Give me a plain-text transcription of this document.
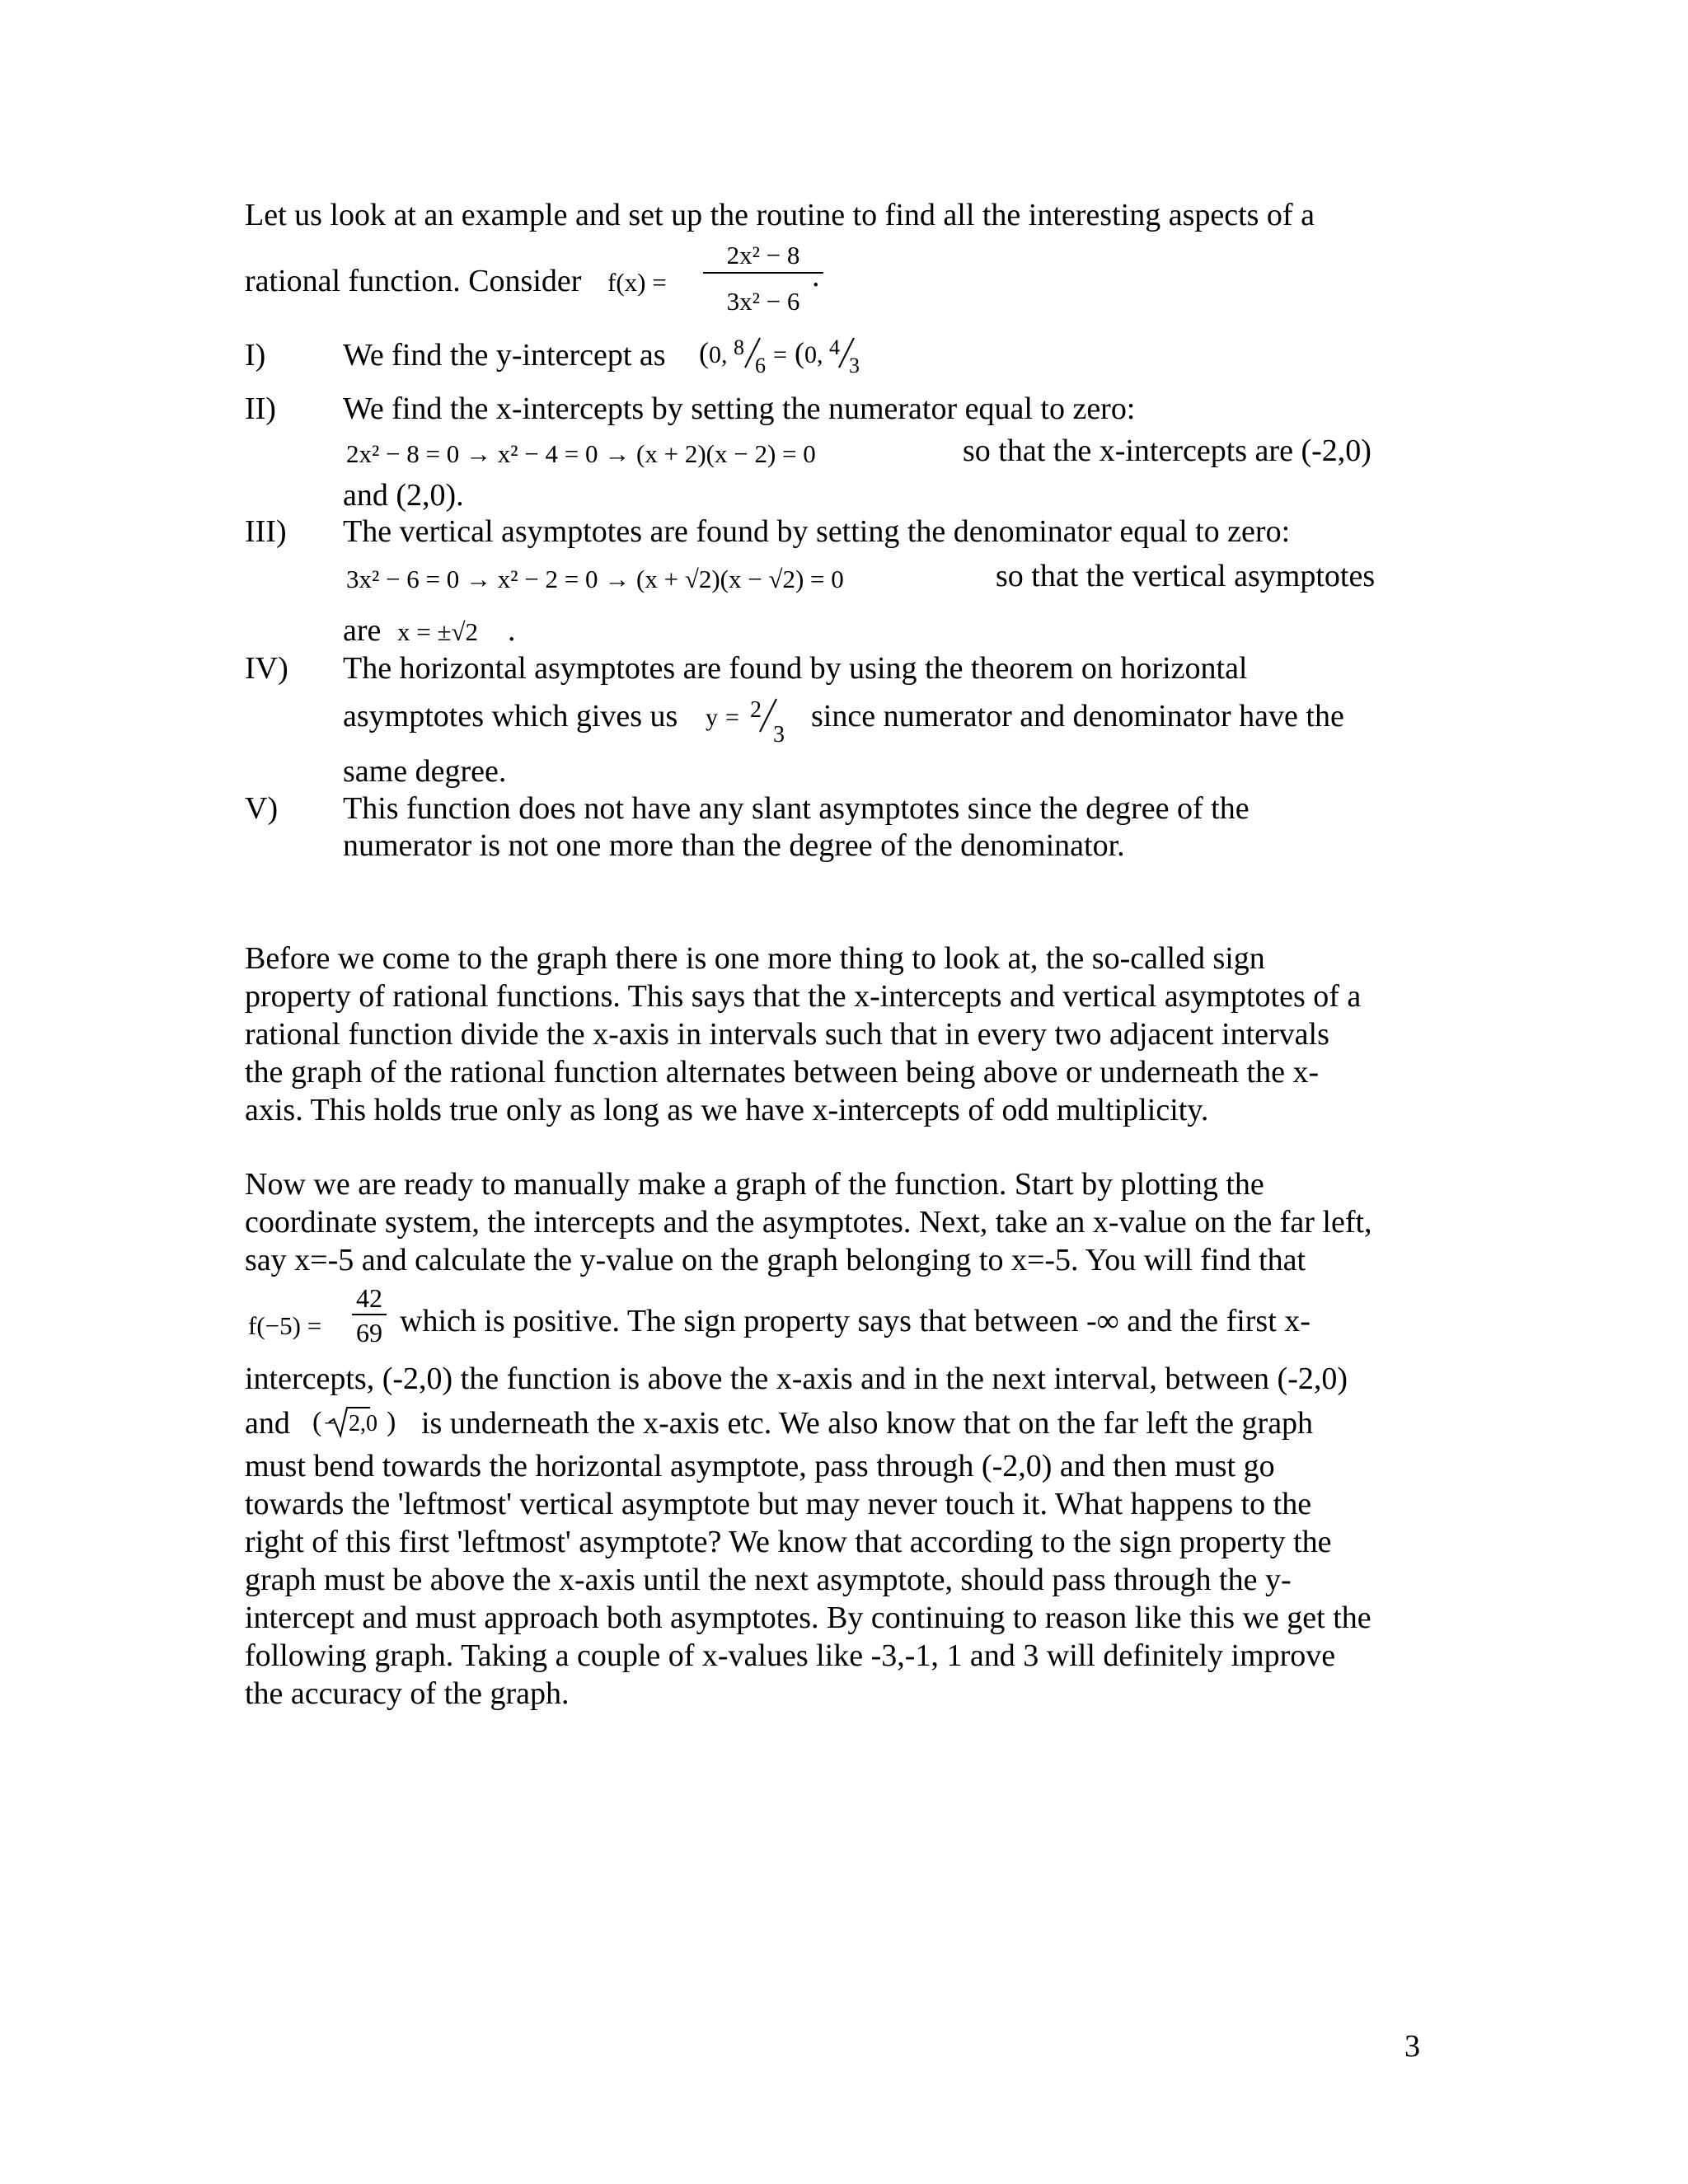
Let us look at an example and set up the routine to find all the interesting aspects of a

rational function. Consider f(x) =
2x² − 8
3x² − 6
.
I) We find the y-intercept as ( 0, 8
6 = ( 0, 4
3
II) We find the x-intercepts by setting the numerator equal to zero:
2x² − 8 = 0 → x² − 4 = 0 → (x + 2)(x − 2) = 0	so that the x-intercepts are (-2,0)
and (2,0).
III) The vertical asymptotes are found by setting the denominator equal to zero:
3x² − 6 = 0 → x² − 2 = 0 → (x + √2)(x − √2) = 0	so that the vertical asymptotes
are x = ±√2 .
IV) The horizontal asymptotes are found by using the theorem on horizontal
asymptotes which gives us y = 2
3
since numerator and denominator have the
same degree.
V) This function does not have any slant asymptotes since the degree of the
numerator is not one more than the degree of the denominator.

Before we come to the graph there is one more thing to look at, the so-called sign

property of rational functions. This says that the x-intercepts and vertical asymptotes of a

rational function divide the x-axis in intervals such that in every two adjacent intervals

the graph of the rational function alternates between being above or underneath the x-

axis. This holds true only as long as we have x-intercepts of odd multiplicity.

Now we are ready to manually make a graph of the function. Start by plotting the

coordinate system, the intercepts and the asymptotes. Next, take an x-value on the far left,

say x=-5 and calculate the y-value on the graph belonging to x=-5. You will find that

f(−5) =
42
69 which is positive. The sign property says that between -∞ and the first x-

intercepts, (-2,0) the function is above the x-axis and in the next interval, between (-2,0)

and ( − 2,0 ) is underneath the x-axis etc. We also know that on the far left the graph

must bend towards the horizontal asymptote, pass through (-2,0) and then must go

towards the 'leftmost' vertical asymptote but may never touch it. What happens to the

right of this first 'leftmost' asymptote? We know that according to the sign property the

graph must be above the x-axis until the next asymptote, should pass through the y-

intercept and must approach both asymptotes. By continuing to reason like this we get the

following graph. Taking a couple of x-values like -3,-1, 1 and 3 will definitely improve

the accuracy of the graph.

3
